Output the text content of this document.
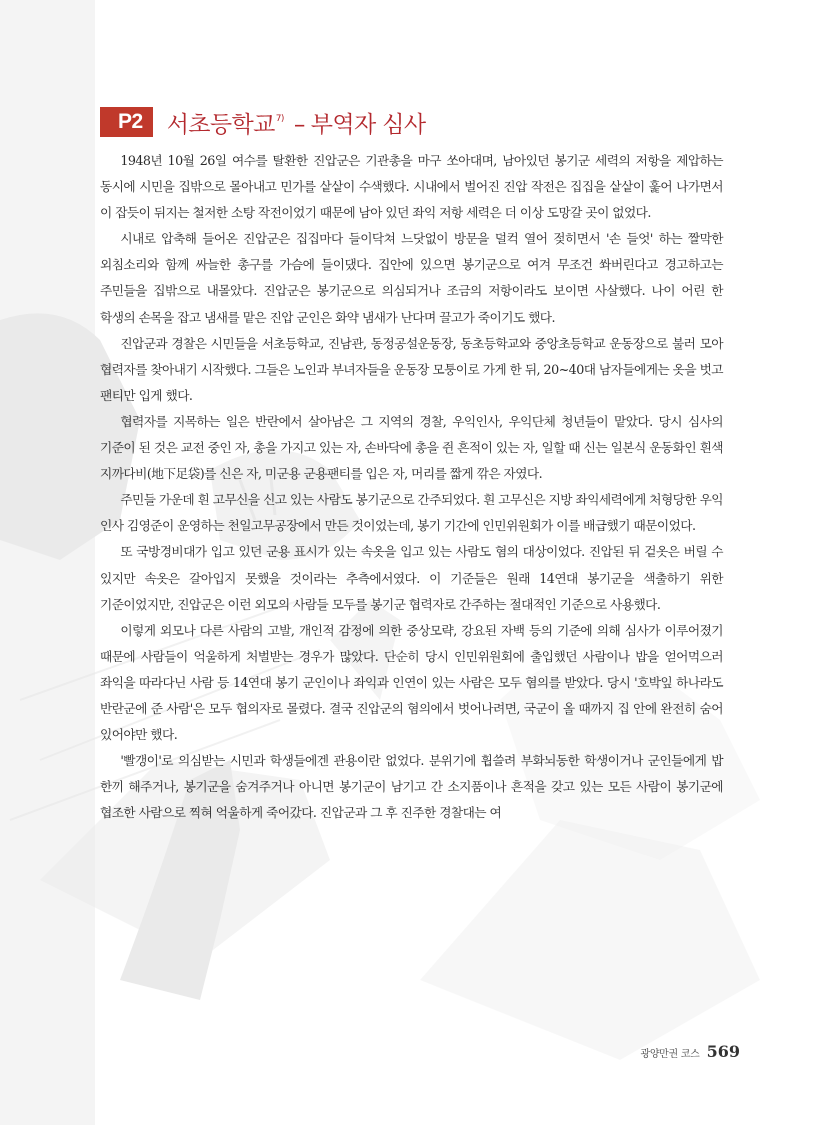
P2	서초등학교$^{7)}$ – 부역자 심사

1948년 10월 26일 여수를 탈환한 진압군은 기관총을 마구 쏘아대며, 남아있던 봉기군 세력의 저항을 제압하는 동시에 시민을 집밖으로 몰아내고 민가를 샅샅이 수색했다. 시내에서 벌어진 진압 작전은 집집을 샅샅이 훑어 나가면서 이 잡듯이 뒤지는 철저한 소탕 작전이었기 때문에 남아 있던 좌익 저항 세력은 더 이상 도망갈 곳이 없었다.

시내로 압축해 들어온 진압군은 집집마다 들이닥쳐 느닷없이 방문을 덜컥 열어 젖히면서 '손 들엇' 하는 짤막한 외침소리와 함께 싸늘한 총구를 가슴에 들이댔다. 집안에 있으면 봉기군으로 여겨 무조건 쏴버린다고 경고하고는 주민들을 집밖으로 내몰았다. 진압군은 봉기군으로 의심되거나 조금의 저항이라도 보이면 사살했다. 나이 어린 한 학생의 손목을 잡고 냄새를 맡은 진압 군인은 화약 냄새가 난다며 끌고가 죽이기도 했다.

진압군과 경찰은 시민들을 서초등학교, 진남관, 동정공설운동장, 동초등학교와 중앙초등학교 운동장으로 불러 모아 협력자를 찾아내기 시작했다. 그들은 노인과 부녀자들을 운동장 모퉁이로 가게 한 뒤, 20~40대 남자들에게는 옷을 벗고 팬티만 입게 했다.

협력자를 지목하는 일은 반란에서 살아남은 그 지역의 경찰, 우익인사, 우익단체 청년들이 맡았다. 당시 심사의 기준이 된 것은 교전 중인 자, 총을 가지고 있는 자, 손바닥에 총을 쥔 흔적이 있는 자, 일할 때 신는 일본식 운동화인 흰색 지까다비(地下足袋)를 신은 자, 미군용 군용팬티를 입은 자, 머리를 짧게 깎은 자였다.

주민들 가운데 흰 고무신을 신고 있는 사람도 봉기군으로 간주되었다. 흰 고무신은 지방 좌익세력에게 처형당한 우익 인사 김영준이 운영하는 천일고무공장에서 만든 것이었는데, 봉기 기간에 인민위원회가 이를 배급했기 때문이었다.

또 국방경비대가 입고 있던 군용 표시가 있는 속옷을 입고 있는 사람도 혐의 대상이었다. 진압된 뒤 겉옷은 버릴 수 있지만 속옷은 갈아입지 못했을 것이라는 추측에서였다. 이 기준들은 원래 14연대 봉기군을 색출하기 위한 기준이었지만, 진압군은 이런 외모의 사람들 모두를 봉기군 협력자로 간주하는 절대적인 기준으로 사용했다.

이렇게 외모나 다른 사람의 고발, 개인적 감정에 의한 중상모략, 강요된 자백 등의 기준에 의해 심사가 이루어졌기 때문에 사람들이 억울하게 처벌받는 경우가 많았다. 단순히 당시 인민위원회에 출입했던 사람이나 밥을 얻어먹으러 좌익을 따라다닌 사람 등 14연대 봉기 군인이나 좌익과 인연이 있는 사람은 모두 혐의를 받았다. 당시 '호박잎 하나라도 반란군에 준 사람'은 모두 협의자로 몰렸다. 결국 진압군의 혐의에서 벗어나려면, 국군이 올 때까지 집 안에 완전히 숨어 있어야만 했다.

'빨갱이'로 의심받는 시민과 학생들에겐 관용이란 없었다. 분위기에 휩쓸려 부화뇌동한 학생이거나 군인들에게 밥 한끼 해주거나, 봉기군을 숨겨주거나 아니면 봉기군이 남기고 간 소지품이나 흔적을 갖고 있는 모든 사람이 봉기군에 협조한 사람으로 찍혀 억울하게 죽어갔다. 진압군과 그 후 진주한 경찰대는 여

광양만권 코스 569
